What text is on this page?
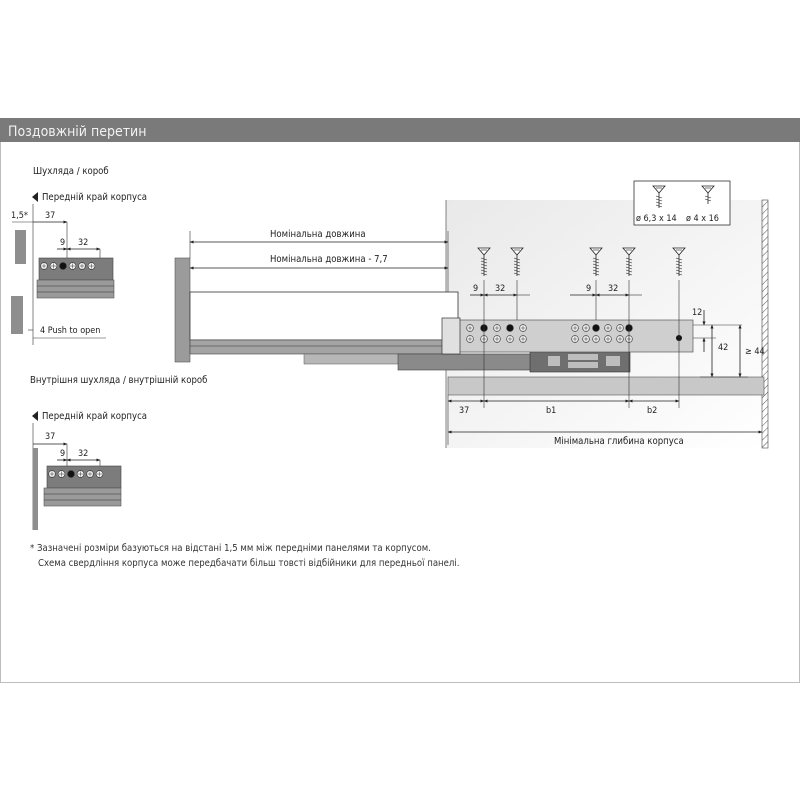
Поздовжній перетин
Шухляда / короб
Передній край корпуса
1,5* 37
9 32
4 Push to open
Внутрішня шухляда / внутрішній короб
Передній край корпуса
37
9 32
Номінальна довжина
Номінальна довжина - 7,7
9 32	9 32
12
42 ≥ 44
37	b1	b2
Мінімальна глибина корпуса
ø 6,3 x 14 ø 4 x 16
* Зазначені розміри базуються на відстані 1,5 мм між передніми панелями та корпусом.
Схема свердління корпуса може передбачати більш товсті відбійники для передньої панелі.
